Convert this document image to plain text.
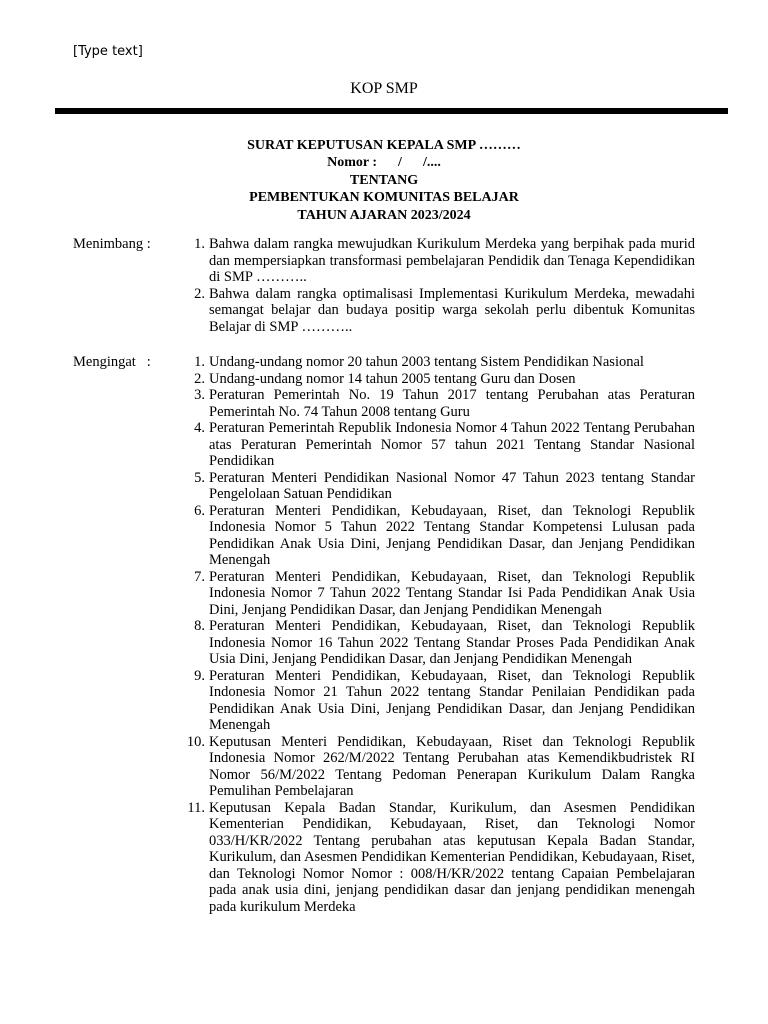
[Type text]
KOP SMP
SURAT KEPUTUSAN KEPALA SMP ………
Nomor :      /      /....
TENTANG
PEMBENTUKAN KOMUNITAS BELAJAR
TAHUN AJARAN 2023/2024
Menimbang :	1. Bahwa dalam rangka mewujudkan Kurikulum Merdeka yang berpihak pada murid dan mempersiapkan transformasi pembelajaran Pendidik dan Tenaga Kependidikan di SMP ………..
2. Bahwa dalam rangka optimalisasi Implementasi Kurikulum Merdeka, mewadahi semangat belajar dan budaya positip warga sekolah perlu dibentuk Komunitas Belajar di SMP ………..
Mengingat   :	1. Undang-undang nomor 20 tahun 2003 tentang Sistem Pendidikan Nasional
2. Undang-undang nomor 14 tahun 2005 tentang Guru dan Dosen
3. Peraturan Pemerintah No. 19 Tahun 2017 tentang Perubahan atas Peraturan Pemerintah No. 74 Tahun 2008 tentang Guru
4. Peraturan Pemerintah Republik Indonesia Nomor 4 Tahun 2022 Tentang Perubahan atas Peraturan Pemerintah Nomor 57 tahun 2021 Tentang Standar Nasional Pendidikan
5. Peraturan Menteri Pendidikan Nasional Nomor 47 Tahun 2023 tentang Standar Pengelolaan Satuan Pendidikan
6. Peraturan Menteri Pendidikan, Kebudayaan, Riset, dan Teknologi Republik Indonesia Nomor 5 Tahun 2022 Tentang Standar Kompetensi Lulusan pada Pendidikan Anak Usia Dini, Jenjang Pendidikan Dasar, dan Jenjang Pendidikan Menengah
7. Peraturan Menteri Pendidikan, Kebudayaan, Riset, dan Teknologi Republik Indonesia Nomor 7 Tahun 2022 Tentang Standar Isi Pada Pendidikan Anak Usia Dini, Jenjang Pendidikan Dasar, dan Jenjang Pendidikan Menengah
8. Peraturan Menteri Pendidikan, Kebudayaan, Riset, dan Teknologi Republik Indonesia Nomor 16 Tahun 2022 Tentang Standar Proses Pada Pendidikan Anak Usia Dini, Jenjang Pendidikan Dasar, dan Jenjang Pendidikan Menengah
9. Peraturan Menteri Pendidikan, Kebudayaan, Riset, dan Teknologi Republik Indonesia Nomor 21 Tahun 2022 tentang Standar Penilaian Pendidikan pada Pendidikan Anak Usia Dini, Jenjang Pendidikan Dasar, dan Jenjang Pendidikan Menengah
10. Keputusan Menteri Pendidikan, Kebudayaan, Riset dan Teknologi Republik Indonesia Nomor 262/M/2022 Tentang Perubahan atas Kemendikbudristek RI Nomor 56/M/2022 Tentang Pedoman Penerapan Kurikulum Dalam Rangka Pemulihan Pembelajaran
11. Keputusan Kepala Badan Standar, Kurikulum, dan Asesmen Pendidikan Kementerian Pendidikan, Kebudayaan, Riset, dan Teknologi Nomor 033/H/KR/2022 Tentang perubahan atas keputusan Kepala Badan Standar, Kurikulum, dan Asesmen Pendidikan Kementerian Pendidikan, Kebudayaan, Riset, dan Teknologi Nomor Nomor : 008/H/KR/2022 tentang Capaian Pembelajaran pada anak usia dini, jenjang pendidikan dasar dan jenjang pendidikan menengah pada kurikulum Merdeka
